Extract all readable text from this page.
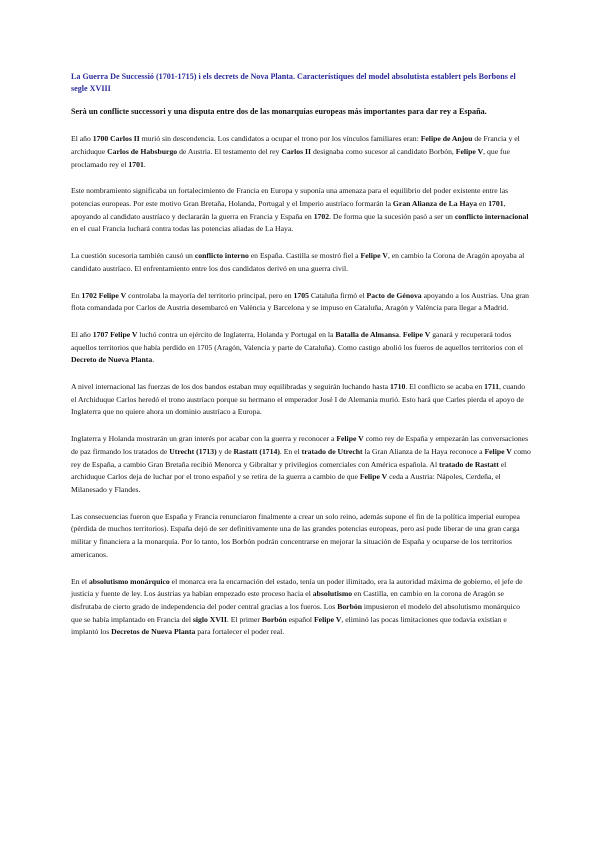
La Guerra De Successió (1701-1715) i els decrets de Nova Planta. Característiques del model absolutista establert pels Borbons el segle XVIII
Serà un conflicte successori y una disputa entre dos de las monarquías europeas más importantes para dar rey a España.

El año 1700 Carlos II murió sin descendencia. Los candidatos a ocupar el trono por los vínculos familiares eran: Felipe de Anjou de Francia y el archiduque Carlos de Habsburgo de Austria. El testamento del rey Carlos II designaba como sucesor al candidato Borbón, Felipe V, que fue proclamado rey el 1701.

Este nombramiento significaba un fortalecimiento de Francia en Europa y suponía una amenaza para el equilibrio del poder existente entre las potencias europeas. Por este motivo Gran Bretaña, Holanda, Portugal y el Imperio austríaco formarán la Gran Alianza de La Haya en 1701, apoyando al candidato austríaco y declararán la guerra en Francia y España en 1702. De forma que la sucesión pasó a ser un conflicto internacional en el cual Francia luchará contra todas las potencias aliadas de La Haya.

La cuestión sucesoria también causó un conflicto interno en España. Castilla se mostró fiel a Felipe V, en cambio la Corona de Aragón apoyaba al candidato austríaco. El enfrentamiento entre los dos candidatos derivó en una guerra civil.

En 1702 Felipe V controlaba la mayoría del territorio principal, pero en 1705 Cataluña firmó el Pacto de Génova apoyando a los Austrias. Una gran flota comandada por Carlos de Austria desembarcó en València y Barcelona y se impuso en Cataluña, Aragón y València para llegar a Madrid.

El año 1707 Felipe V luchó contra un ejército de Inglaterra, Holanda y Portugal en la Batalla de Almansa. Felipe V ganará y recuperará todos aquellos territorios que había perdido en 1705 (Aragón, Valencia y parte de Cataluña). Como castigo abolió los fueros de aquellos territorios con el Decreto de Nueva Planta.

A nivel internacional las fuerzas de los dos bandos estaban muy equilibradas y seguirán luchando hasta 1710. El conflicto se acaba en 1711, cuando el Archiduque Carlos heredó el trono austríaco porque su hermano el emperador José I de Alemania murió. Esto hará que Carles pierda el apoyo de Inglaterra que no quiere ahora un dominio austríaco a Europa.

Inglaterra y Holanda mostrarán un gran interés por acabar con la guerra y reconocer a Felipe V como rey de España y empezarán las conversaciones de paz firmando los tratados de Utrecht (1713) y de Rastatt (1714). En el tratado de Utrecht la Gran Alianza de la Haya reconoce a Felipe V como rey de España, a cambio Gran Bretaña recibió Menorca y Gibraltar y privilegios comerciales con América española. Al tratado de Rastatt el archiduque Carlos deja de luchar por el trono español y se retira de la guerra a cambio de que Felipe V ceda a Austria: Nápoles, Cerdeña, el Milanesado y Flandes.

Las consecuencias fueron que España y Francia renunciaron finalmente a crear un solo reino, además supone el fin de la política imperial europea (pérdida de muchos territorios). España dejó de ser definitivamente una de las grandes potencias europeas, pero así pude liberar de una gran carga militar y financiera a la monarquía. Por lo tanto, los Borbón podrán concentrarse en mejorar la situación de España y ocuparse de los territorios americanos.

En el absolutismo monárquico el monarca era la encarnación del estado, tenía un poder ilimitado, era la autoridad máxima de gobierno, el jefe de justicia y fuente de ley. Los áustrias ya habían empezado este proceso hacia el absolutismo en Castilla, en cambio en la corona de Aragón se disfrutaba de cierto grado de independencia del poder central gracias a los fueros. Los Borbón impusieron el modelo del absolutismo monárquico que se había implantado en Francia del siglo XVII. El primer Borbón español Felipe V, eliminó las pocas limitaciones que todavía existían e implantó los Decretos de Nueva Planta para fortalecer el poder real.
